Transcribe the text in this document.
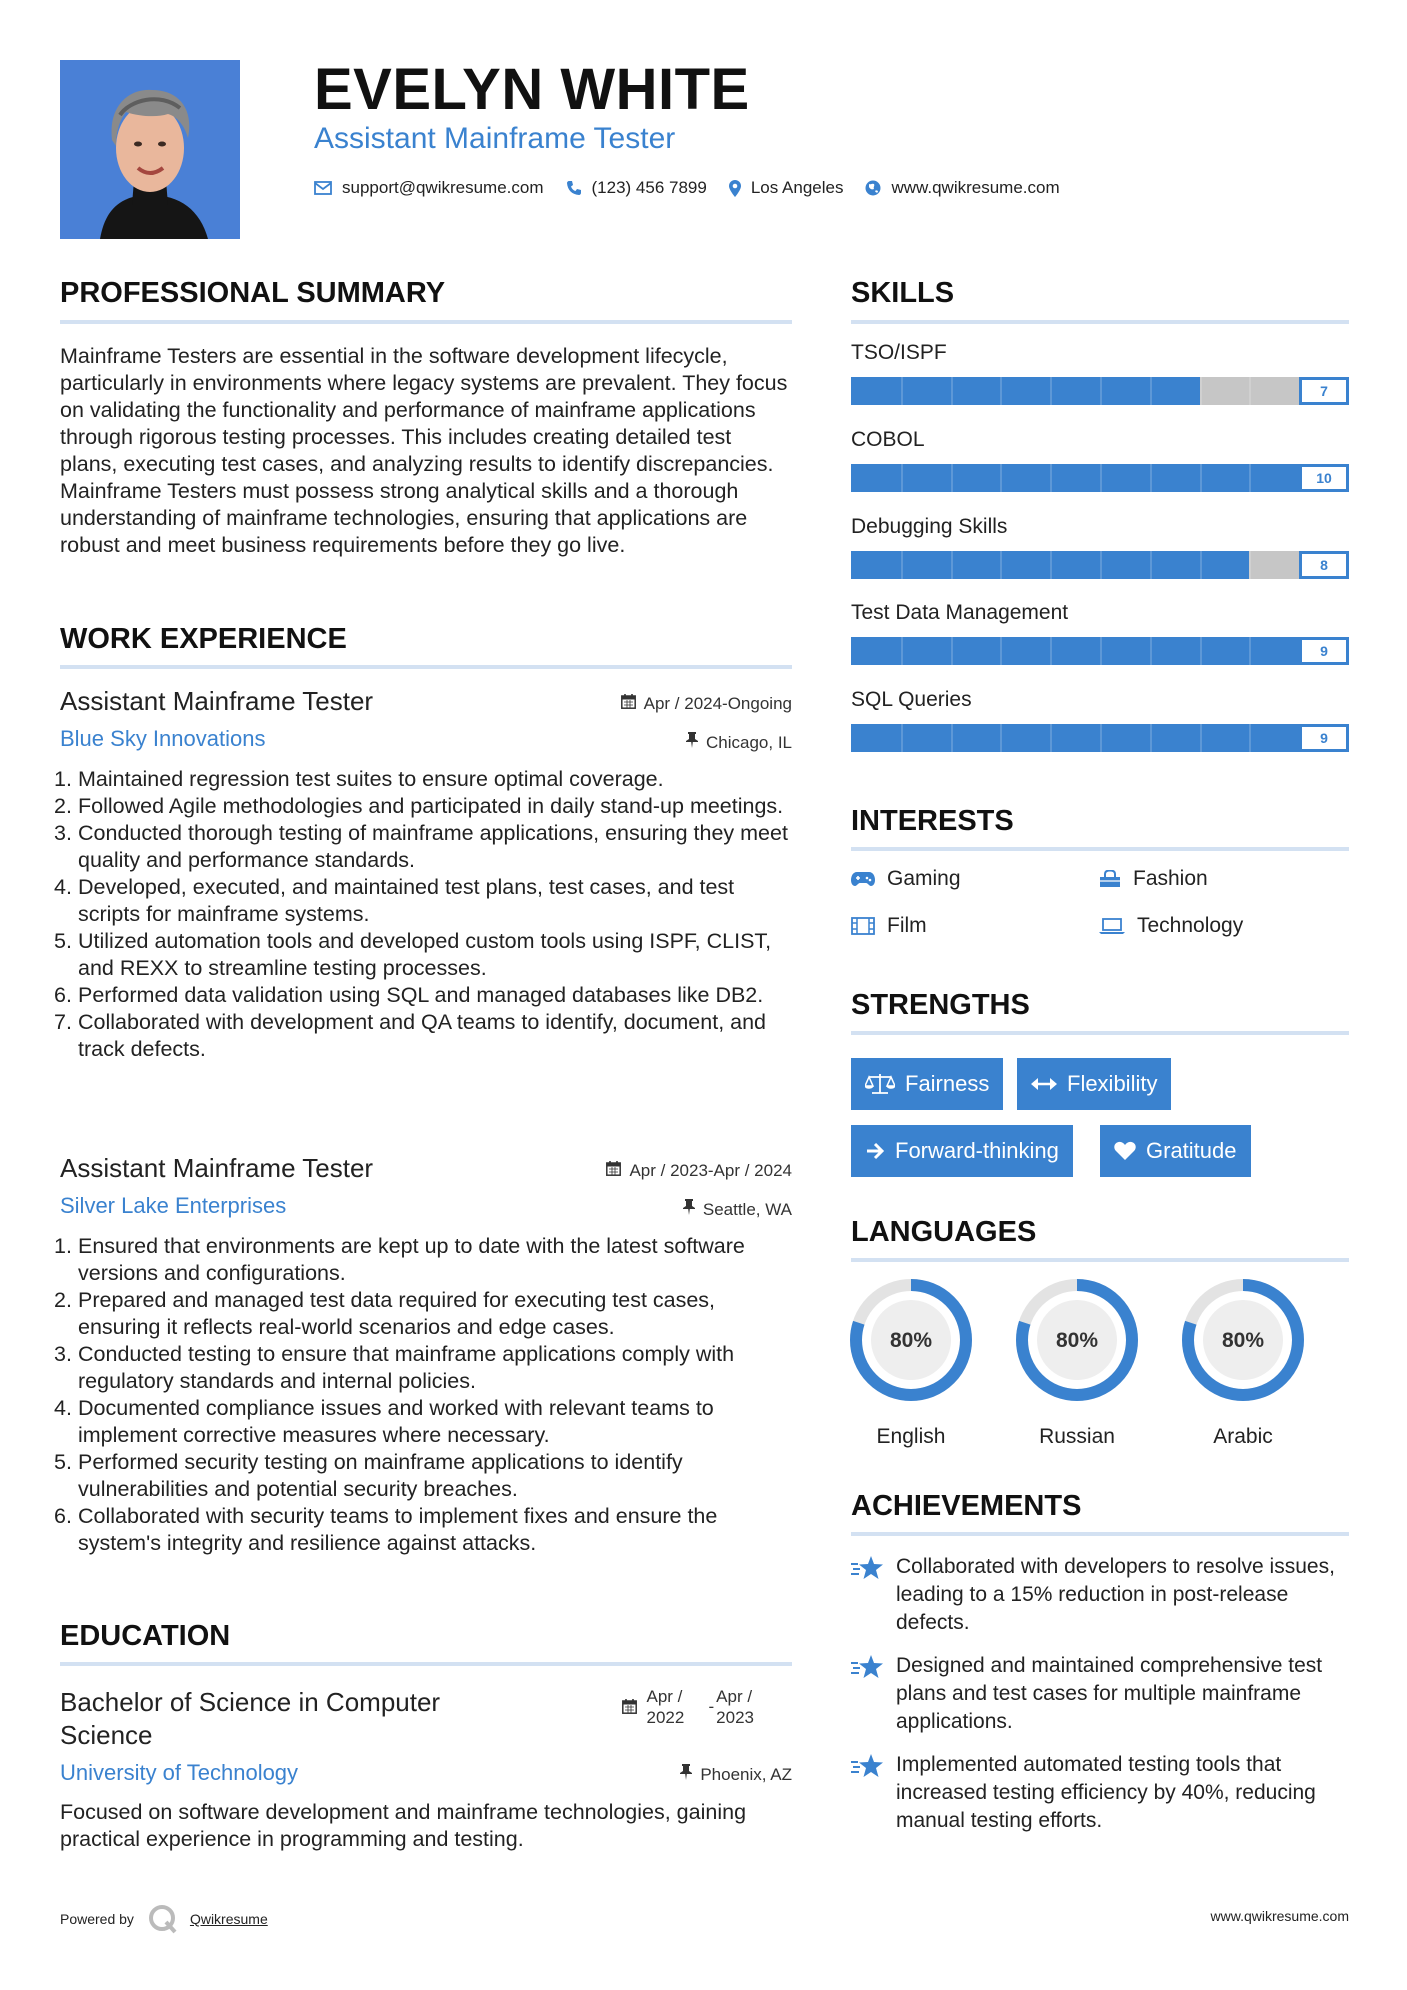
EVELYN WHITE
Assistant Mainframe Tester
support@qwikresume.com	(123) 456 7899	Los Angeles	www.qwikresume.com
PROFESSIONAL SUMMARY
Mainframe Testers are essential in the software development lifecycle, particularly in environments where legacy systems are prevalent. They focus on validating the functionality and performance of mainframe applications through rigorous testing processes. This includes creating detailed test plans, executing test cases, and analyzing results to identify discrepancies. Mainframe Testers must possess strong analytical skills and a thorough understanding of mainframe technologies, ensuring that applications are robust and meet business requirements before they go live.
WORK EXPERIENCE
Assistant Mainframe Tester
Blue Sky Innovations
Apr / 2024-Ongoing
Chicago, IL
1. Maintained regression test suites to ensure optimal coverage.
2. Followed Agile methodologies and participated in daily stand-up meetings.
3. Conducted thorough testing of mainframe applications, ensuring they meet quality and performance standards.
4. Developed, executed, and maintained test plans, test cases, and test scripts for mainframe systems.
5. Utilized automation tools and developed custom tools using ISPF, CLIST, and REXX to streamline testing processes.
6. Performed data validation using SQL and managed databases like DB2.
7. Collaborated with development and QA teams to identify, document, and track defects.
Assistant Mainframe Tester
Silver Lake Enterprises
Apr / 2023-Apr / 2024
Seattle, WA
1. Ensured that environments are kept up to date with the latest software versions and configurations.
2. Prepared and managed test data required for executing test cases, ensuring it reflects real-world scenarios and edge cases.
3. Conducted testing to ensure that mainframe applications comply with regulatory standards and internal policies.
4. Documented compliance issues and worked with relevant teams to implement corrective measures where necessary.
5. Performed security testing on mainframe applications to identify vulnerabilities and potential security breaches.
6. Collaborated with security teams to implement fixes and ensure the system's integrity and resilience against attacks.
EDUCATION
Bachelor of Science in Computer
Science
University of Technology
Apr /
2022
-
Apr /
2023
Phoenix, AZ
Focused on software development and mainframe technologies, gaining practical experience in programming and testing.
SKILLS
TSO/ISPF
7
COBOL
10
Debugging Skills
8
Test Data Management
9
SQL Queries
9
INTERESTS
Gaming	Fashion
Film	Technology
STRENGTHS
Fairness	Flexibility
Forward-thinking	Gratitude
LANGUAGES
80%
English
80%
Russian
80%
Arabic
ACHIEVEMENTS
Collaborated with developers to resolve issues, leading to a 15% reduction in post-release defects.
Designed and maintained comprehensive test plans and test cases for multiple mainframe applications.
Implemented automated testing tools that increased testing efficiency by 40%, reducing manual testing efforts.
Powered by	Qwikresume	www.qwikresume.com
